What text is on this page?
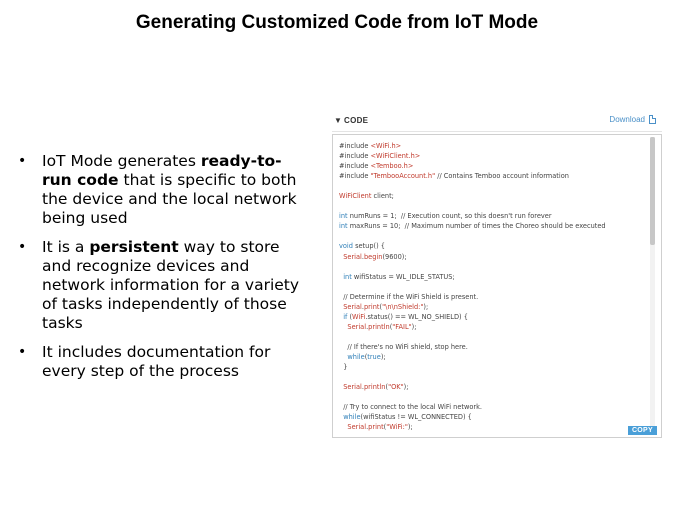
Generating Customized Code from IoT Mode
•	IoT Mode generates ready-to-run code that is specific to both the device and the local network being used
•	It is a persistent way to store and recognize devices and network information for a variety of tasks independently of those tasks
•	It includes documentation for every step of the process
▼ CODE	Download
#include <WiFi.h>
#include <WiFiClient.h>
#include <Temboo.h>
#include "TembooAccount.h" // Contains Temboo account information
WiFiClient client;
int numRuns = 1;  // Execution count, so this doesn't run forever
int maxRuns = 10;  // Maximum number of times the Choreo should be executed
void setup() {
Serial.begin(9600);
int wifiStatus = WL_IDLE_STATUS;
// Determine if the WiFi Shield is present.
Serial.print("\n\nShield:");
if (WiFi.status() == WL_NO_SHIELD) {
Serial.println("FAIL");
// If there's no WiFi shield, stop here.
while(true);
}
Serial.println("OK");
// Try to connect to the local WiFi network.
while(wifiStatus != WL_CONNECTED) {
Serial.print("WiFi:");	COPY
